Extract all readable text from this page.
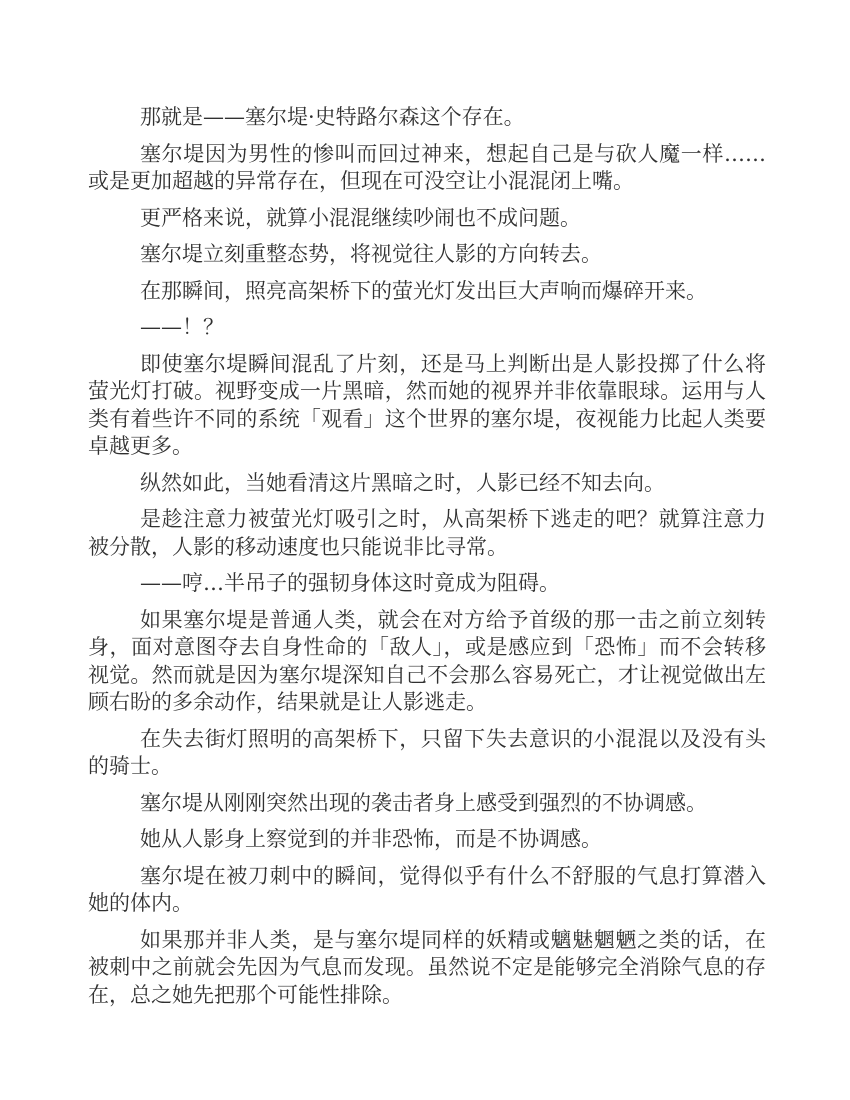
那就是——塞尔堤·史特路尔森这个存在。

塞尔堤因为男性的惨叫而回过神来，想起自己是与砍人魔一样……或是更加超越的异常存在，但现在可没空让小混混闭上嘴。

更严格来说，就算小混混继续吵闹也不成问题。

塞尔堤立刻重整态势，将视觉往人影的方向转去。

在那瞬间，照亮高架桥下的萤光灯发出巨大声响而爆碎开来。

——！？

即使塞尔堤瞬间混乱了片刻，还是马上判断出是人影投掷了什么将萤光灯打破。视野变成一片黑暗，然而她的视界并非依靠眼球。运用与人类有着些许不同的系统「观看」这个世界的塞尔堤，夜视能力比起人类要卓越更多。

纵然如此，当她看清这片黑暗之时，人影已经不知去向。

是趁注意力被萤光灯吸引之时，从高架桥下逃走的吧？就算注意力被分散，人影的移动速度也只能说非比寻常。

——哼…半吊子的强韧身体这时竟成为阻碍。

如果塞尔堤是普通人类，就会在对方给予首级的那一击之前立刻转身，面对意图夺去自身性命的「敌人」，或是感应到「恐怖」而不会转移视觉。然而就是因为塞尔堤深知自己不会那么容易死亡，才让视觉做出左顾右盼的多余动作，结果就是让人影逃走。

在失去街灯照明的高架桥下，只留下失去意识的小混混以及没有头的骑士。

塞尔堤从刚刚突然出现的袭击者身上感受到强烈的不协调感。

她从人影身上察觉到的并非恐怖，而是不协调感。

塞尔堤在被刀刺中的瞬间，觉得似乎有什么不舒服的气息打算潜入她的体内。

如果那并非人类，是与塞尔堤同样的妖精或魑魅魍魉之类的话，在被刺中之前就会先因为气息而发现。虽然说不定是能够完全消除气息的存在，总之她先把那个可能性排除。
